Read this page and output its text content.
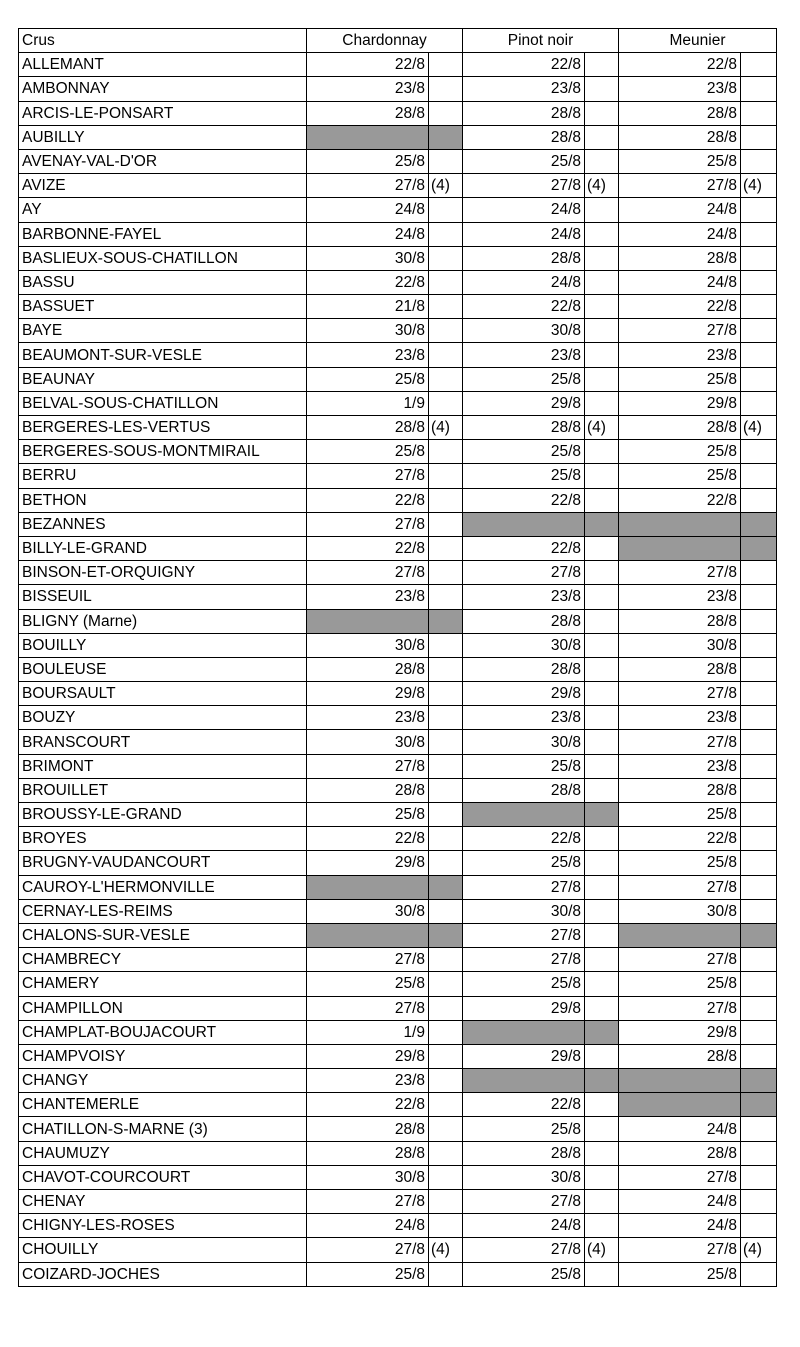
Crus	Chardonnay		Pinot noir		Meunier	
ALLEMANT	22/8		22/8		22/8	
AMBONNAY	23/8		23/8		23/8	
ARCIS-LE-PONSART	28/8		28/8		28/8	
AUBILLY			28/8		28/8	
AVENAY-VAL-D'OR	25/8		25/8		25/8	
AVIZE	27/8	(4)	27/8	(4)	27/8	(4)
AY	24/8		24/8		24/8	
BARBONNE-FAYEL	24/8		24/8		24/8	
BASLIEUX-SOUS-CHATILLON	30/8		28/8		28/8	
BASSU	22/8		24/8		24/8	
BASSUET	21/8		22/8		22/8	
BAYE	30/8		30/8		27/8	
BEAUMONT-SUR-VESLE	23/8		23/8		23/8	
BEAUNAY	25/8		25/8		25/8	
BELVAL-SOUS-CHATILLON	1/9		29/8		29/8	
BERGERES-LES-VERTUS	28/8	(4)	28/8	(4)	28/8	(4)
BERGERES-SOUS-MONTMIRAIL	25/8		25/8		25/8	
BERRU	27/8		25/8		25/8	
BETHON	22/8		22/8		22/8	
BEZANNES	27/8					
BILLY-LE-GRAND	22/8		22/8			
BINSON-ET-ORQUIGNY	27/8		27/8		27/8	
BISSEUIL	23/8		23/8		23/8	
BLIGNY (Marne)			28/8		28/8	
BOUILLY	30/8		30/8		30/8	
BOULEUSE	28/8		28/8		28/8	
BOURSAULT	29/8		29/8		27/8	
BOUZY	23/8		23/8		23/8	
BRANSCOURT	30/8		30/8		27/8	
BRIMONT	27/8		25/8		23/8	
BROUILLET	28/8		28/8		28/8	
BROUSSY-LE-GRAND	25/8				25/8	
BROYES	22/8		22/8		22/8	
BRUGNY-VAUDANCOURT	29/8		25/8		25/8	
CAUROY-L'HERMONVILLE			27/8		27/8	
CERNAY-LES-REIMS	30/8		30/8		30/8	
CHALONS-SUR-VESLE			27/8			
CHAMBRECY	27/8		27/8		27/8	
CHAMERY	25/8		25/8		25/8	
CHAMPILLON	27/8		29/8		27/8	
CHAMPLAT-BOUJACOURT	1/9				29/8	
CHAMPVOISY	29/8		29/8		28/8	
CHANGY	23/8					
CHANTEMERLE	22/8		22/8			
CHATILLON-S-MARNE (3)	28/8		25/8		24/8	
CHAUMUZY	28/8		28/8		28/8	
CHAVOT-COURCOURT	30/8		30/8		27/8	
CHENAY	27/8		27/8		24/8	
CHIGNY-LES-ROSES	24/8		24/8		24/8	
CHOUILLY	27/8	(4)	27/8	(4)	27/8	(4)
COIZARD-JOCHES	25/8		25/8		25/8	
